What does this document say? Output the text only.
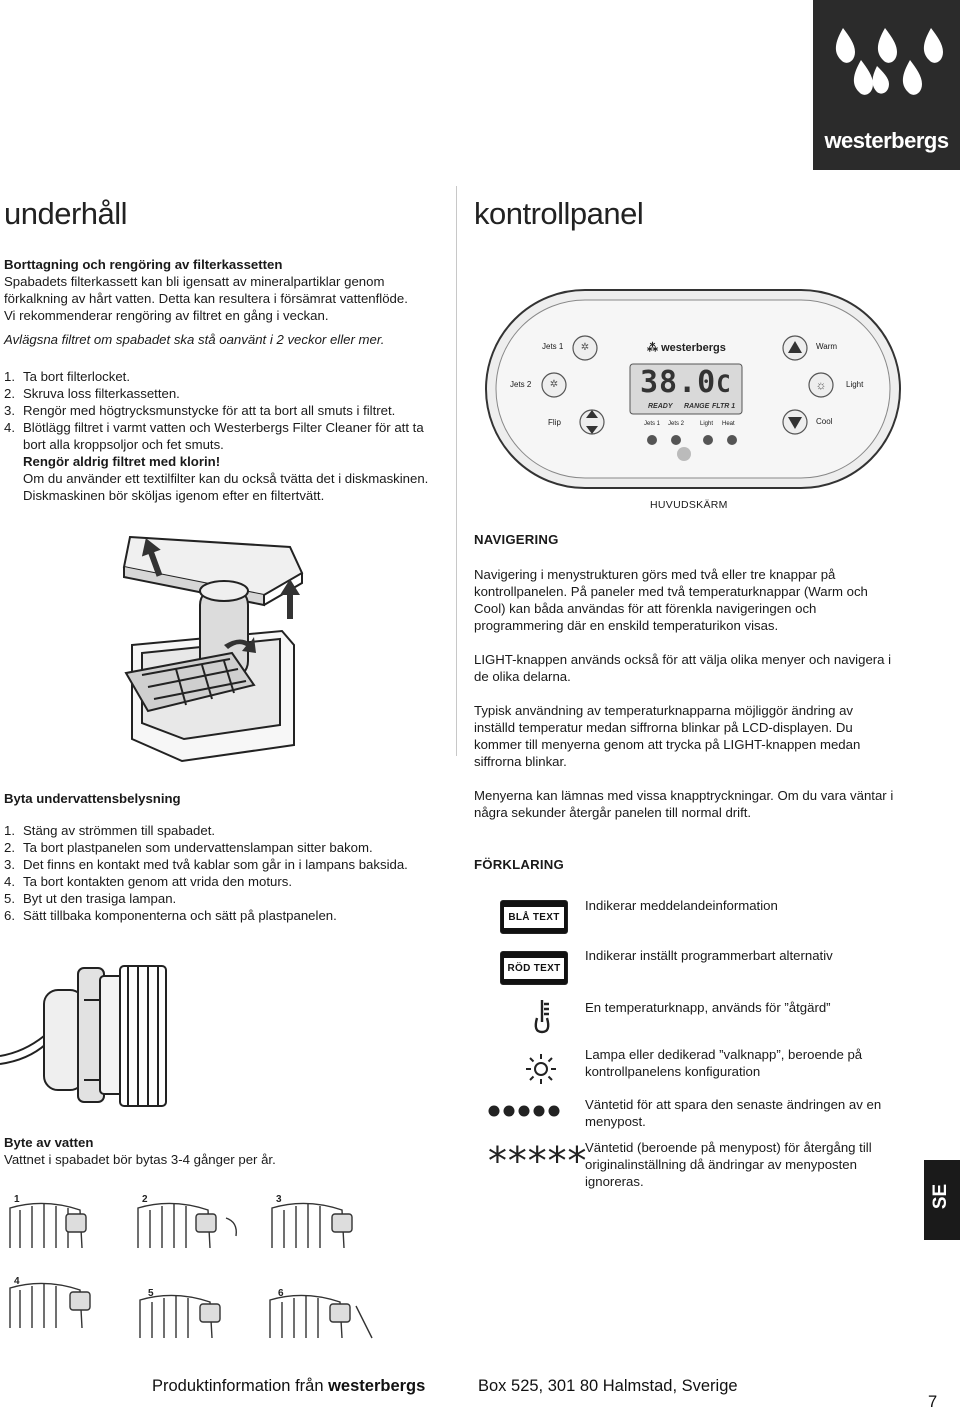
westerbergs
underhåll
Borttagning och rengöring av filterkassetten
Spabadets filterkassett kan bli igensatt av mineralpartiklar genom
förkalkning av hårt vatten. Detta kan resultera i försämrat vattenflöde.
Vi rekommenderar rengöring av filtret en gång i veckan.
Avlägsna filtret om spabadet ska stå oanvänt i 2 veckor eller mer.
1. Ta bort filterlocket.
2. Skruva loss filterkassetten.
3. Rengör med högtrycksmunstycke för att ta bort all smuts i filtret.
4. Blötlägg filtret i varmt vatten och Westerbergs Filter Cleaner för att ta bort alla kroppsoljor och fet smuts.
Rengör aldrig filtret med klorin!
Om du använder ett textilfilter kan du också tvätta det i diskmaskinen. Diskmaskinen bör sköljas igenom efter en filtertvätt.
Byta undervattensbelysning
1. Stäng av strömmen till spabadet.
2. Ta bort plastpanelen som undervattenslampan sitter bakom.
3. Det finns en kontakt med två kablar som går in i lampans baksida.
4. Ta bort kontakten genom att vrida den moturs.
5. Byt ut den trasiga lampan.
6. Sätt tillbaka komponenterna och sätt på plastpanelen.
Byte av vatten
Vattnet i spabadet bör bytas 3-4 gånger per år.
1	2	3
4
5	6
kontrollpanel
Jets 1
Jets 2
Flip
Warm
Light
Cool
✲
✲	☼
⁂ westerbergs
38.0C
READY RANGE FLTR 1
Jets 1 Jets 2	Light Heat
HUVUDSKÄRM
NAVIGERING

Navigering i menystrukturen görs med två eller tre knappar på kontrollpanelen. På paneler med två temperaturknappar (Warm och Cool) kan båda användas för att förenkla navigeringen och programmering där en enskild temperaturikon visas.

LIGHT-knappen används också för att välja olika menyer och navigera i de olika delarna.

Typisk användning av temperaturknapparna möjliggör ändring av inställd temperatur medan siffrorna blinkar på LCD-displayen. Du kommer till menyerna genom att trycka på LIGHT-knappen medan siffrorna blinkar.

Menyerna kan lämnas med vissa knapptryckningar. Om du vara väntar i några sekunder återgår panelen till normal drift.

FÖRKLARING
BLÅ TEXT
Indikerar meddelandeinformation
RÖD TEXT
Indikerar inställt programmerbart alternativ
En temperaturknapp, används för ”åtgärd”
Lampa eller dedikerad ”valknapp”, beroende på kontrollpanelens konfiguration
Väntetid för att spara den senaste ändringen av en menypost.
***** Väntetid (beroende på menypost) för återgång till originalinställning då ändringar av menyposten ignoreras.
SE
Produktinformation från westerbergs	Box 525, 301 80 Halmstad, Sverige
7
